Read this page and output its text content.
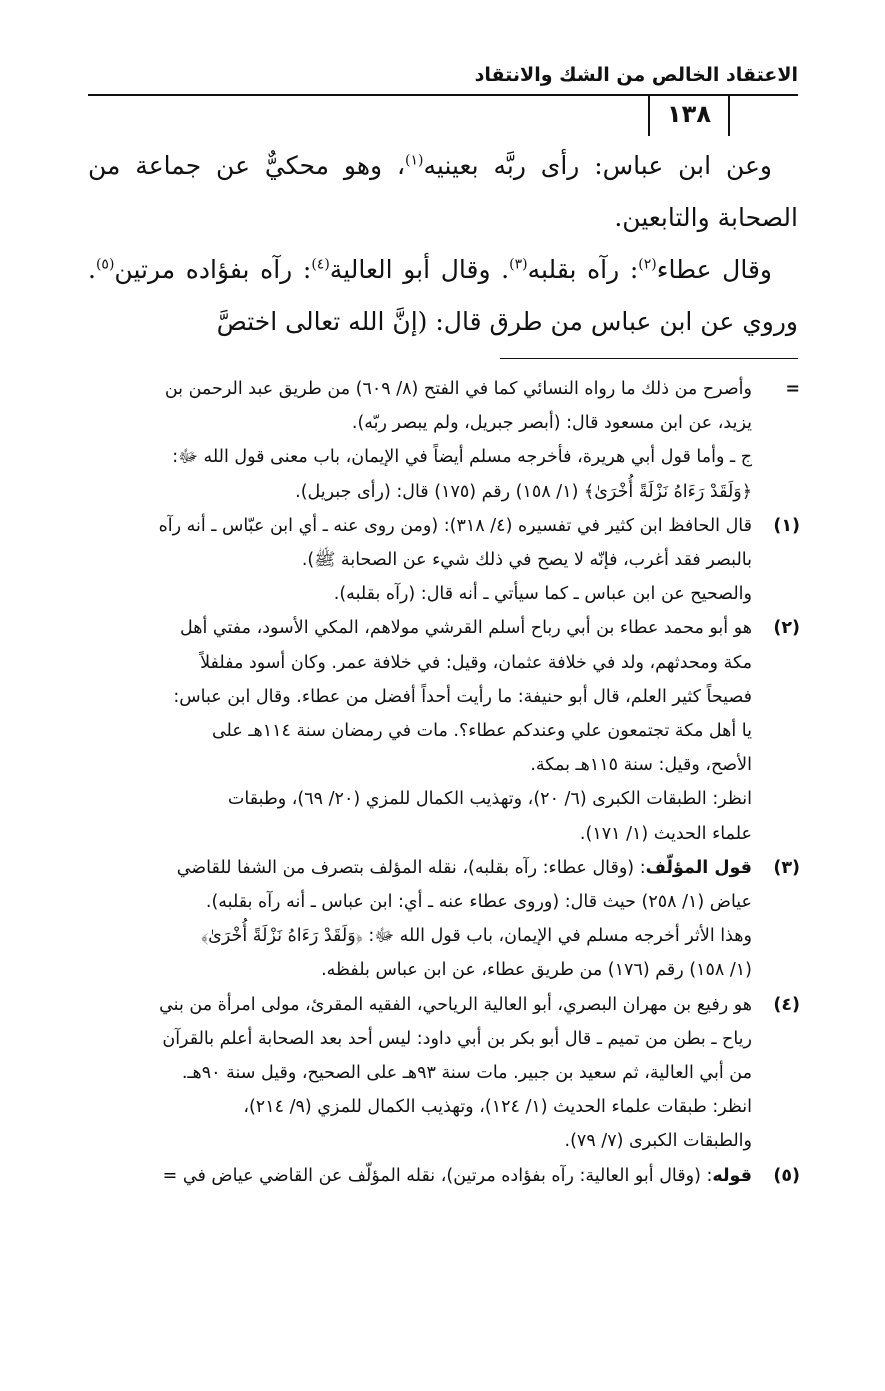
الاعتقاد الخالص من الشك والانتقاد
١٣٨

وعن ابن عباس: رأى ربَّه بعينيه$^{(١)}$، وهو محكيٌّ عن جماعة من الصحابة والتابعين.

وقال عطاء$^{(٢)}$: رآه بقلبه$^{(٣)}$. وقال أبو العالية$^{(٤)}$: رآه بفؤاده مرتين$^{(٥)}$. وروي عن ابن عباس من طرق قال: (إنَّ الله تعالى اختصَّ

=
وأصرح من ذلك ما رواه النسائي كما في الفتح (٨/ ٦٠٩) من طريق عبد الرحمن بن
يزيد، عن ابن مسعود قال: (أبصر جبريل، ولم يبصر ربّه).
ج ـ وأما قول أبي هريرة، فأخرجه مسلم أيضاً في الإيمان، باب معنى قول الله ﷻ:
﴿وَلَقَدْ رَءَاهُ نَزْلَةً أُخْرَىٰ﴾ (١/ ١٥٨) رقم (١٧٥) قال: (رأى جبريل).
(١)
قال الحافظ ابن كثير في تفسيره (٤/ ٣١٨): (ومن روى عنه ـ أي ابن عبّاس ـ أنه رآه
بالبصر فقد أغرب، فإنّه لا يصح في ذلك شيء عن الصحابة ﷺ).
والصحيح عن ابن عباس ـ كما سيأتي ـ أنه قال: (رآه بقلبه).
(٢)
هو أبو محمد عطاء بن أبي رباح أسلم القرشي مولاهم، المكي الأسود، مفتي أهل
مكة ومحدثهم، ولد في خلافة عثمان، وقيل: في خلافة عمر. وكان أسود مفلفلاً
فصيحاً كثير العلم، قال أبو حنيفة: ما رأيت أحداً أفضل من عطاء. وقال ابن عباس:
يا أهل مكة تجتمعون علي وعندكم عطاء؟. مات في رمضان سنة ١١٤هـ على
الأصح، وقيل: سنة ١١٥هـ بمكة.
انظر: الطبقات الكبرى (٦/ ٢٠)، وتهذيب الكمال للمزي (٢٠/ ٦٩)، وطبقات
علماء الحديث (١/ ١٧١).
(٣)
قول المؤلّف: (وقال عطاء: رآه بقلبه)، نقله المؤلف بتصرف من الشفا للقاضي
عياض (١/ ٢٥٨) حيث قال: (وروى عطاء عنه ـ أي: ابن عباس ـ أنه رآه بقلبه).
وهذا الأثر أخرجه مسلم في الإيمان، باب قول الله ﷻ: ﴿وَلَقَدْ رَءَاهُ نَزْلَةً أُخْرَىٰ﴾
(١/ ١٥٨) رقم (١٧٦) من طريق عطاء، عن ابن عباس بلفظه.
(٤)
هو رفيع بن مهران البصري، أبو العالية الرياحي، الفقيه المقرئ، مولى امرأة من بني
رياح ـ بطن من تميم ـ قال أبو بكر بن أبي داود: ليس أحد بعد الصحابة أعلم بالقرآن
من أبي العالية، ثم سعيد بن جبير. مات سنة ٩٣هـ على الصحيح، وقيل سنة ٩٠هـ.
انظر: طبقات علماء الحديث (١/ ١٢٤)، وتهذيب الكمال للمزي (٩/ ٢١٤)،
والطبقات الكبرى (٧/ ٧٩).
(٥)
قوله: (وقال أبو العالية: رآه بفؤاده مرتين)، نقله المؤلّف عن القاضي عياض في =
